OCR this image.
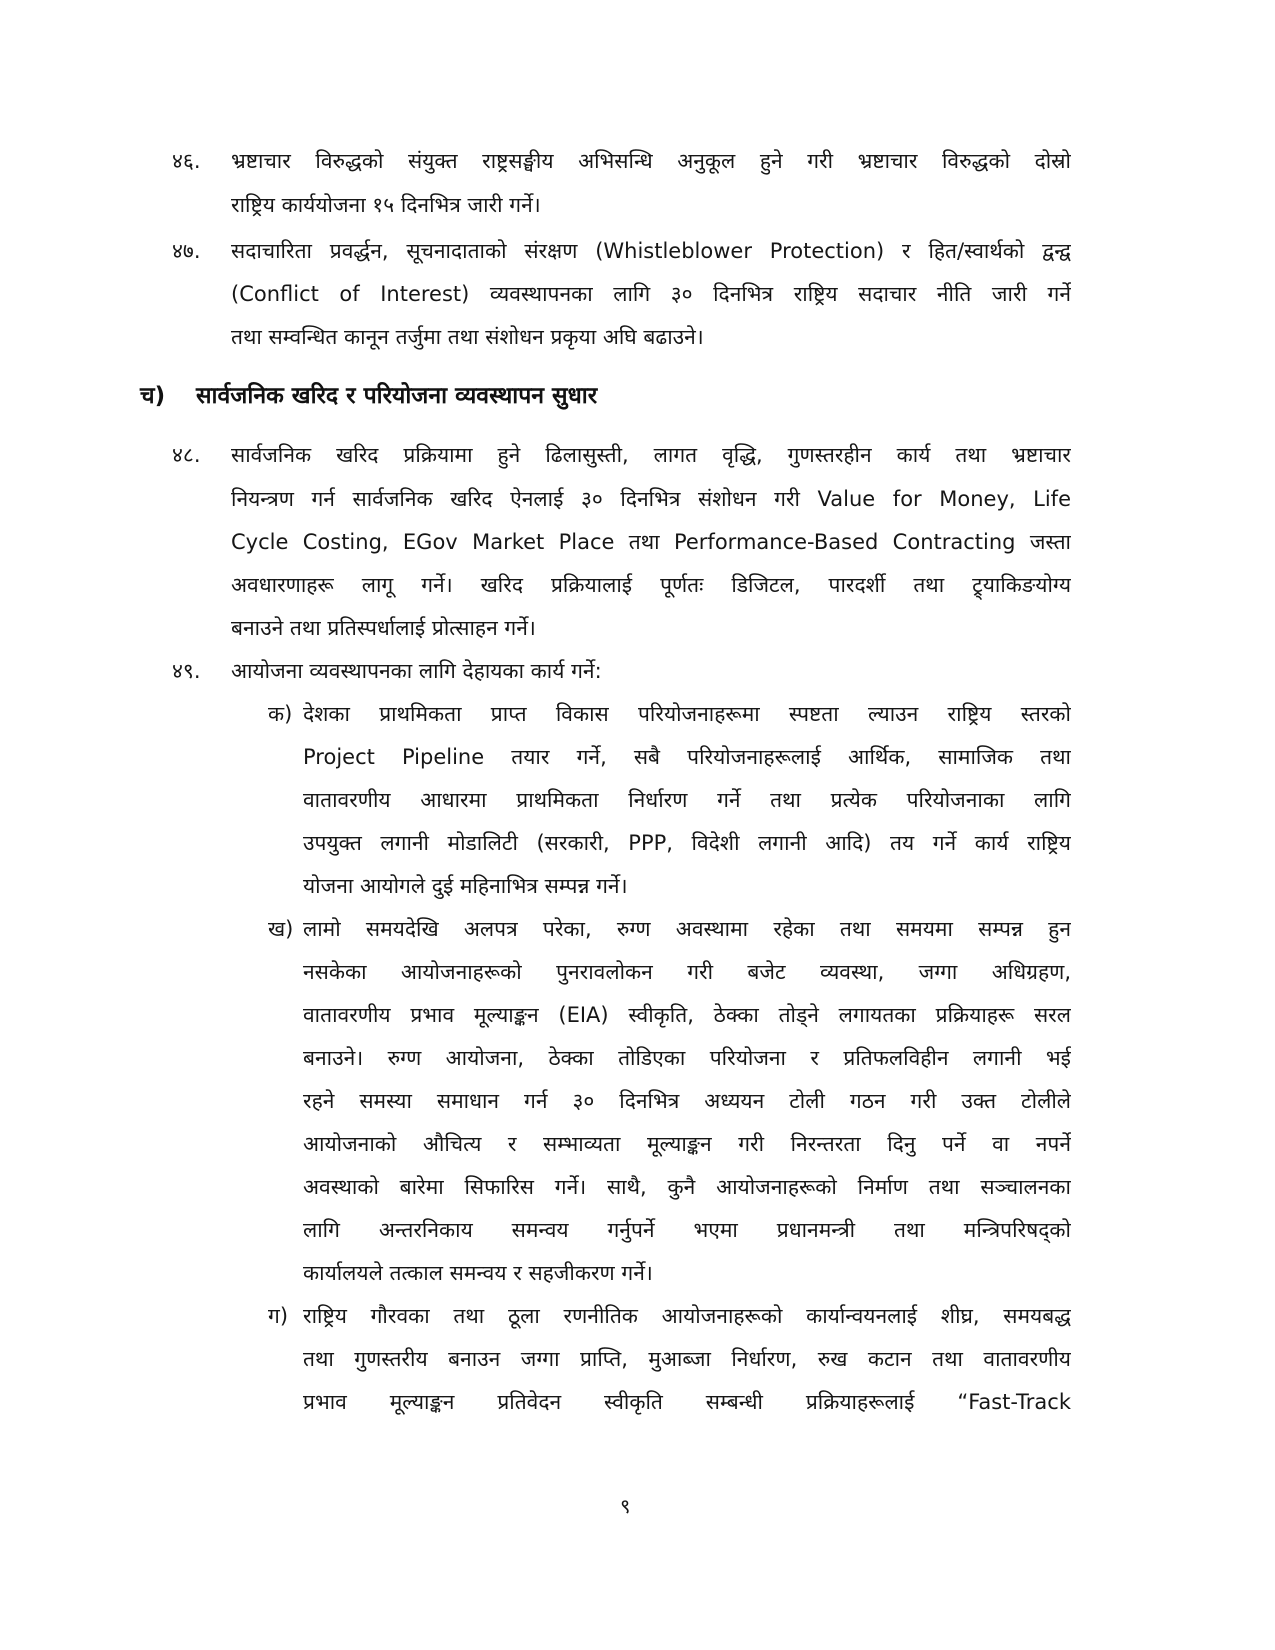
४६. भ्रष्टाचार विरुद्धको संयुक्त राष्ट्रसङ्घीय अभिसन्धि अनुकूल हुने गरी भ्रष्टाचार विरुद्धको दोस्रो
राष्ट्रिय कार्ययोजना १५ दिनभित्र जारी गर्ने।
४७. सदाचारिता प्रवर्द्धन, सूचनादाताको संरक्षण (Whistleblower Protection) र हित/स्वार्थको द्वन्द्व
(Conflict of Interest) व्यवस्थापनका लागि ३० दिनभित्र राष्ट्रिय सदाचार नीति जारी गर्ने
तथा सम्वन्धित कानून तर्जुमा तथा संशोधन प्रकृया अघि बढाउने।
च) सार्वजनिक खरिद र परियोजना व्यवस्थापन सुधार
४८. सार्वजनिक खरिद प्रक्रियामा हुने ढिलासुस्ती, लागत वृद्धि, गुणस्तरहीन कार्य तथा भ्रष्टाचार
नियन्त्रण गर्न सार्वजनिक खरिद ऐनलाई ३० दिनभित्र संशोधन गरी Value for Money, Life
Cycle Costing, EGov Market Place तथा Performance-Based Contracting जस्ता
अवधारणाहरू लागू गर्ने। खरिद प्रक्रियालाई पूर्णतः डिजिटल, पारदर्शी तथा ट्र्याकिङयोग्य
बनाउने तथा प्रतिस्पर्धालाई प्रोत्साहन गर्ने।
४९. आयोजना व्यवस्थापनका लागि देहायका कार्य गर्ने:
क) देशका प्राथमिकता प्राप्त विकास परियोजनाहरूमा स्पष्टता ल्याउन राष्ट्रिय स्तरको
Project Pipeline तयार गर्ने, सबै परियोजनाहरूलाई आर्थिक, सामाजिक तथा
वातावरणीय आधारमा प्राथमिकता निर्धारण गर्ने तथा प्रत्येक परियोजनाका लागि
उपयुक्त लगानी मोडालिटी (सरकारी, PPP, विदेशी लगानी आदि) तय गर्ने कार्य राष्ट्रिय
योजना आयोगले दुई महिनाभित्र सम्पन्न गर्ने।
ख) लामो समयदेखि अलपत्र परेका, रुग्ण अवस्थामा रहेका तथा समयमा सम्पन्न हुन
नसकेका आयोजनाहरूको पुनरावलोकन गरी बजेट व्यवस्था, जग्गा अधिग्रहण,
वातावरणीय प्रभाव मूल्याङ्कन (EIA) स्वीकृति, ठेक्का तोड्ने लगायतका प्रक्रियाहरू सरल
बनाउने। रुग्ण आयोजना, ठेक्का तोडिएका परियोजना र प्रतिफलविहीन लगानी भई
रहने समस्या समाधान गर्न ३० दिनभित्र अध्ययन टोली गठन गरी उक्त टोलीले
आयोजनाको औचित्य र सम्भाव्यता मूल्याङ्कन गरी निरन्तरता दिनु पर्ने वा नपर्ने
अवस्थाको बारेमा सिफारिस गर्ने। साथै, कुनै आयोजनाहरूको निर्माण तथा सञ्चालनका
लागि अन्तरनिकाय समन्वय गर्नुपर्ने भएमा प्रधानमन्त्री तथा मन्त्रिपरिषद्को
कार्यालयले तत्काल समन्वय र सहजीकरण गर्ने।
ग) राष्ट्रिय गौरवका तथा ठूला रणनीतिक आयोजनाहरूको कार्यान्वयनलाई शीघ्र, समयबद्ध
तथा गुणस्तरीय बनाउन जग्गा प्राप्ति, मुआब्जा निर्धारण, रुख कटान तथा वातावरणीय
प्रभाव मूल्याङ्कन प्रतिवेदन स्वीकृति सम्बन्धी प्रक्रियाहरूलाई “Fast-Track
९
